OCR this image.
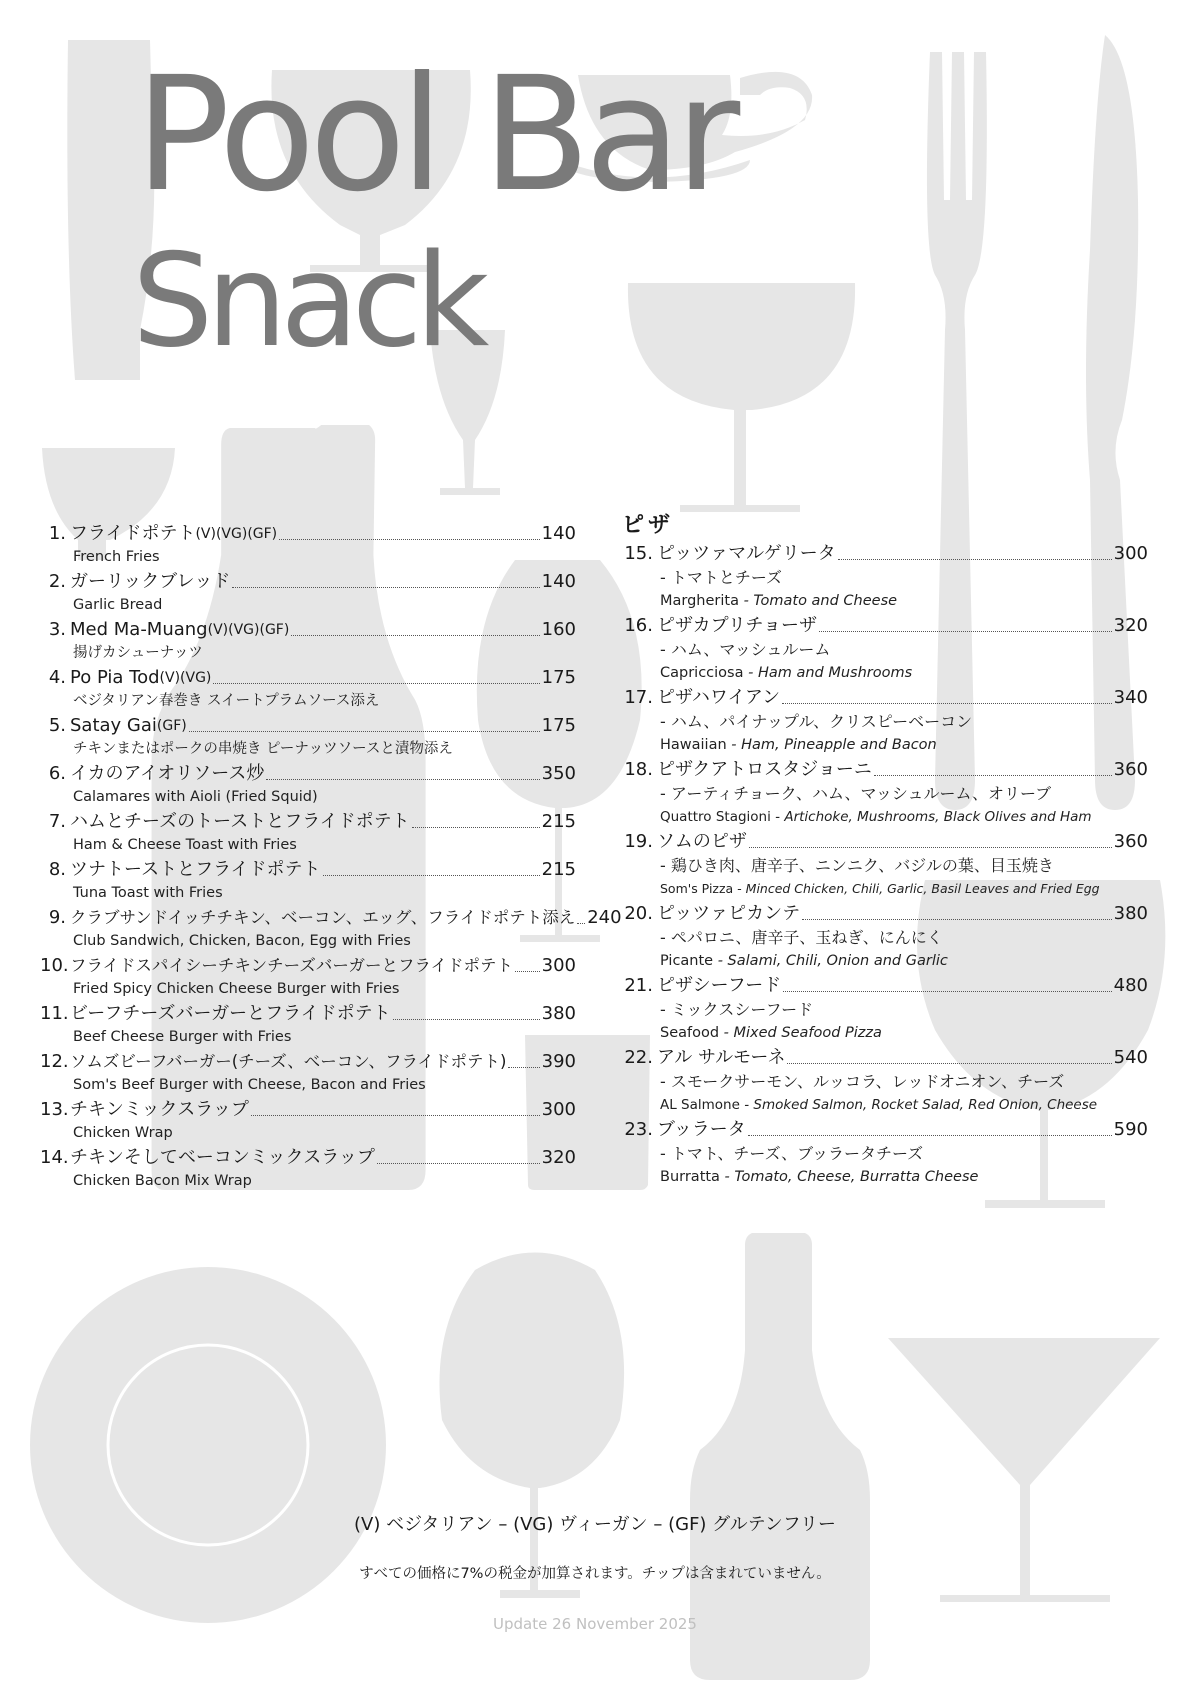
Pool Bar
Snack
1. フライドポテト (V)(VG)(GF)	140
French Fries
2. ガーリックブレッド	140
Garlic Bread
3. Med Ma-Muang (V)(VG)(GF)	160
揚げカシューナッツ
4. Po Pia Tod (V)(VG)	175
ベジタリアン春巻き スイートプラムソース添え
5. Satay Gai (GF)	175
チキンまたはポークの串焼き ピーナッツソースと漬物添え
6. イカのアイオリソース炒	350
Calamares with Aioli (Fried Squid)
7. ハムとチーズのトーストとフライドポテト	215
Ham & Cheese Toast with Fries
8. ツナトーストとフライドポテト	215
Tuna Toast with Fries
9. クラブサンドイッチチキン、ベーコン、エッグ、フライドポテト添え 240
Club Sandwich, Chicken, Bacon, Egg with Fries
10. フライドスパイシーチキンチーズバーガーとフライドポテト 300
Fried Spicy Chicken Cheese Burger with Fries
11. ビーフチーズバーガーとフライドポテト	380
Beef Cheese Burger with Fries
12. ソムズビーフバーガー(チーズ、ベーコン、フライドポテト) 390
Som's Beef Burger with Cheese, Bacon and Fries
13. チキンミックスラップ	300
Chicken Wrap
14. チキンそしてベーコンミックスラップ	320
Chicken Bacon Mix Wrap
ピザ
15. ピッツァマルゲリータ	300
- トマトとチーズ
Margherita - Tomato and Cheese
16. ピザカプリチョーザ	320
- ハム、マッシュルーム
Capricciosa - Ham and Mushrooms
17. ピザハワイアン	340
- ハム、パイナップル、クリスピーベーコン
Hawaiian - Ham, Pineapple and Bacon
18. ピザクアトロスタジョーニ	360
- アーティチョーク、ハム、マッシュルーム、オリーブ
Quattro Stagioni - Artichoke, Mushrooms, Black Olives and Ham
19. ソムのピザ	360
- 鶏ひき肉、唐辛子、ニンニク、バジルの葉、目玉焼き
Som's Pizza - Minced Chicken, Chili, Garlic, Basil Leaves and Fried Egg
20. ピッツァピカンテ	380
- ペパロニ、唐辛子、玉ねぎ、にんにく
Picante - Salami, Chili, Onion and Garlic
21. ピザシーフード	480
- ミックスシーフード
Seafood - Mixed Seafood Pizza
22. アル サルモーネ	540
- スモークサーモン、ルッコラ、レッドオニオン、チーズ
AL Salmone - Smoked Salmon, Rocket Salad, Red Onion, Cheese
23. ブッラータ	590
- トマト、チーズ、ブッラータチーズ
Burratta - Tomato, Cheese, Burratta Cheese
(V) ベジタリアン – (VG) ヴィーガン – (GF) グルテンフリー
すべての価格に7%の税金が加算されます。チップは含まれていません。
Update 26 November 2025
